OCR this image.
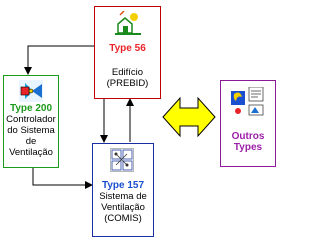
Type 56
Edifício
(PREBID)
Type 200
Controlador
do Sistema
de
Ventilação
Type 157
Sistema de
Ventilação
(COMIS)
Outros
Types
